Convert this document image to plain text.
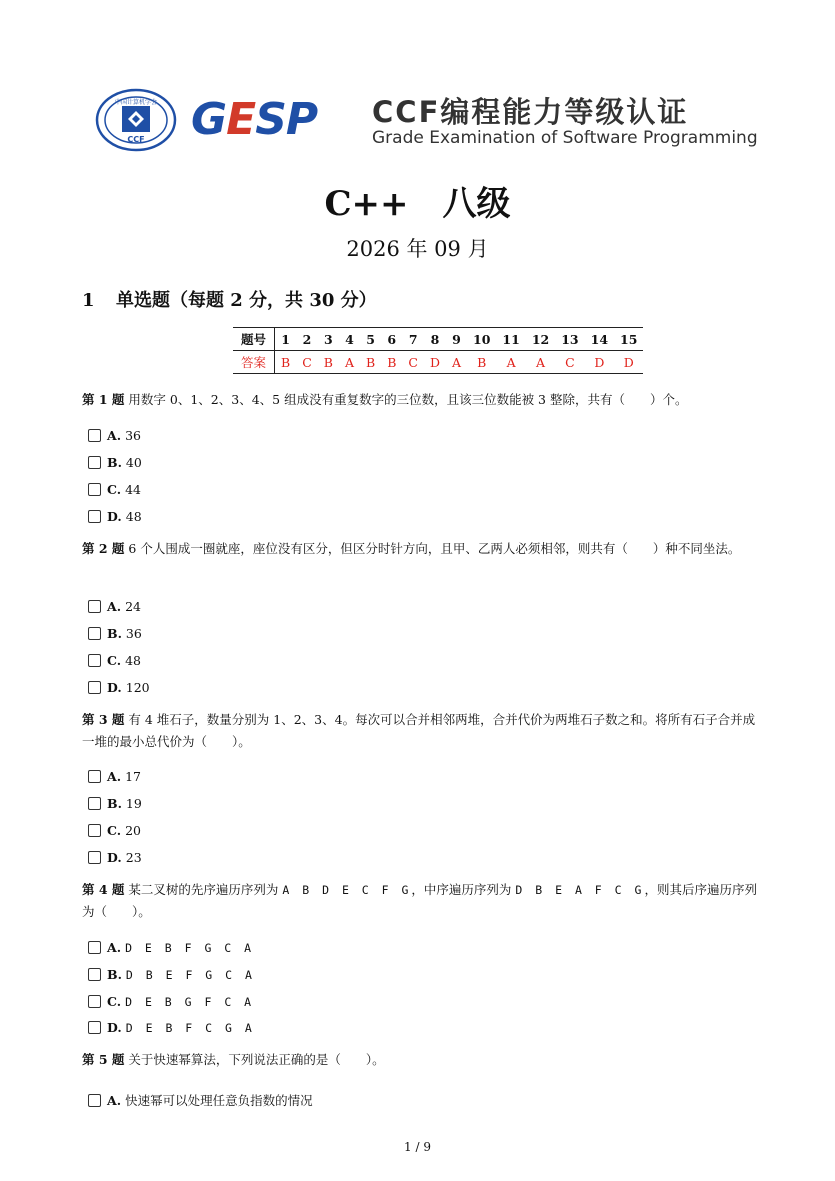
中国计算机学会
CCF GESP CCF编程能力等级认证
Grade Examination of Software Programming
C++　八级
2026 年 09 月
1 单选题（每题 2 分，共 30 分）
题号	1	2	3	4	5	6	7	8	9	10	11	12	13	14	15
答案	B	C	B	A	B	B	C	D	A	B	A	A	C	D	D
第 1 题 用数字 0、1、2、3、4、5 组成没有重复数字的三位数，且该三位数能被 3 整除，共有（　　）个。
A. 36
B. 40
C. 44
D. 48
第 2 题 6 个人围成一圈就座，座位没有区分，但区分时针方向，且甲、乙两人必须相邻，则共有（　　）种不同坐法。
A. 24
B. 36
C. 48
D. 120
第 3 题 有 4 堆石子，数量分别为 1、2、3、4。每次可以合并相邻两堆，合并代价为两堆石子数之和。将所有石子合并成一堆的最小总代价为（　　）。
A. 17
B. 19
C. 20
D. 23
第 4 题 某二叉树的先序遍历序列为 A B D E C F G，中序遍历序列为 D B E A F C G，则其后序遍历序列为（　　）。
A. D E B F G C A
B. D B E F G C A
C. D E B G F C A
D. D E B F C G A
第 5 题 关于快速幂算法，下列说法正确的是（　　）。
A. 快速幂可以处理任意负指数的情况
1 / 9
